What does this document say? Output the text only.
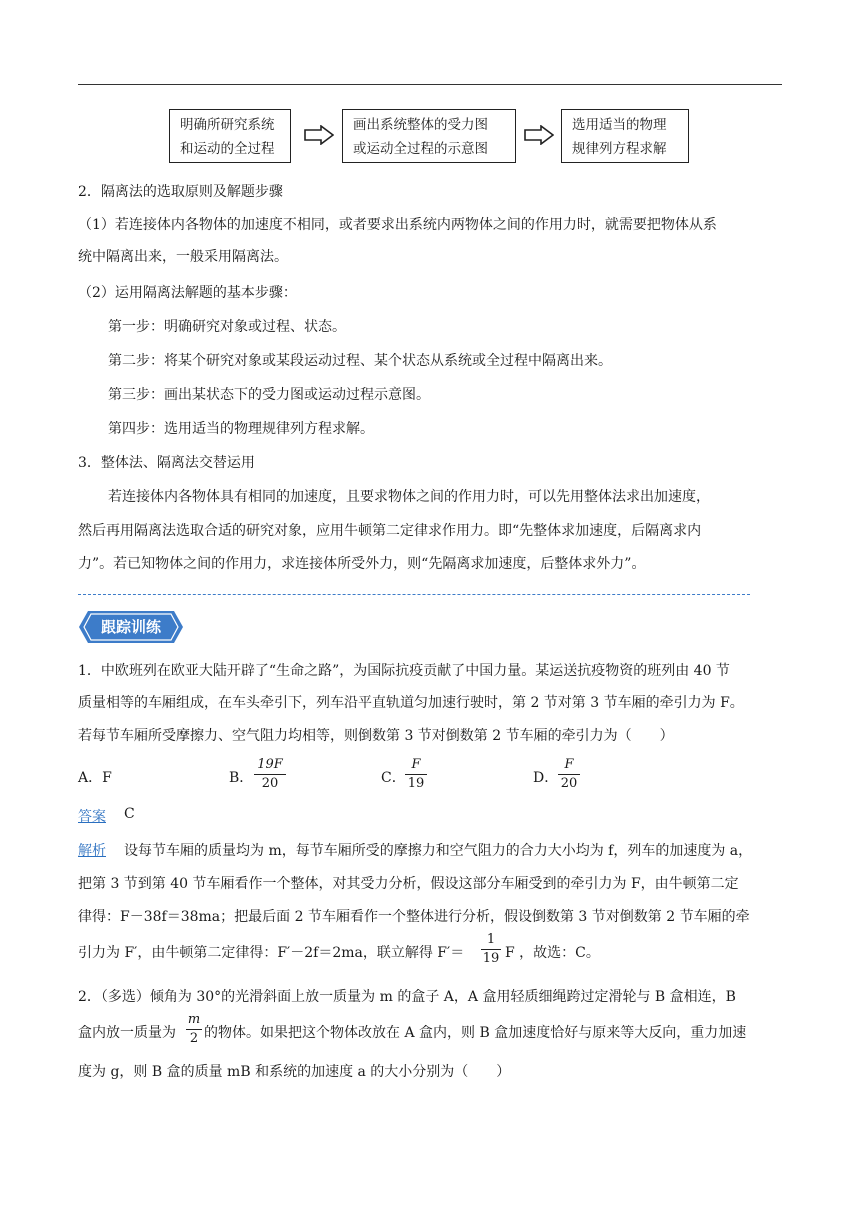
明确所研究系统
和运动的全过程
画出系统整体的受力图
或运动全过程的示意图
选用适当的物理
规律列方程求解
2．隔离法的选取原则及解题步骤
（1）若连接体内各物体的加速度不相同，或者要求出系统内两物体之间的作用力时，就需要把物体从系
统中隔离出来，一般采用隔离法。
（2）运用隔离法解题的基本步骤：
第一步：明确研究对象或过程、状态。
第二步：将某个研究对象或某段运动过程、某个状态从系统或全过程中隔离出来。
第三步：画出某状态下的受力图或运动过程示意图。
第四步：选用适当的物理规律列方程求解。
3．整体法、隔离法交替运用
若连接体内各物体具有相同的加速度，且要求物体之间的作用力时，可以先用整体法求出加速度，
然后再用隔离法选取合适的研究对象，应用牛顿第二定律求作用力。即“先整体求加速度，后隔离求内
力”。若已知物体之间的作用力，求连接体所受外力，则“先隔离求加速度，后整体求外力”。
跟踪训练
1．中欧班列在欧亚大陆开辟了“生命之路”，为国际抗疫贡献了中国力量。某运送抗疫物资的班列由 40 节
质量相等的车厢组成，在车头牵引下，列车沿平直轨道匀加速行驶时，第 2 节对第 3 节车厢的牵引力为 F。
若每节车厢所受摩擦力、空气阻力均相等，则倒数第 3 节对倒数第 2 节车厢的牵引力为（　　）
A．F	B．
19F
20	C．
F
19	D．
F
20
答案 C
解析 设每节车厢的质量均为 m，每节车厢所受的摩擦力和空气阻力的合力大小均为 f，列车的加速度为 a，
把第 3 节到第 40 节车厢看作一个整体，对其受力分析，假设这部分车厢受到的牵引力为 F，由牛顿第二定
律得：F－38f＝38ma；把最后面 2 节车厢看作一个整体进行分析，假设倒数第 3 节对倒数第 2 节车厢的牵
引力为 F′，由牛顿第二定律得：F′－2f＝2ma，联立解得 F′＝
1
19 F ，故选：C。
2．（多选）倾角为 30°的光滑斜面上放一质量为 m 的盒子 A，A 盒用轻质细绳跨过定滑轮与 B 盒相连，B
盒内放一质量为
m
2 的物体。如果把这个物体改放在 A 盒内，则 B 盒加速度恰好与原来等大反向，重力加速
度为 g，则 B 盒的质量 mB 和系统的加速度 a 的大小分别为（　　）
